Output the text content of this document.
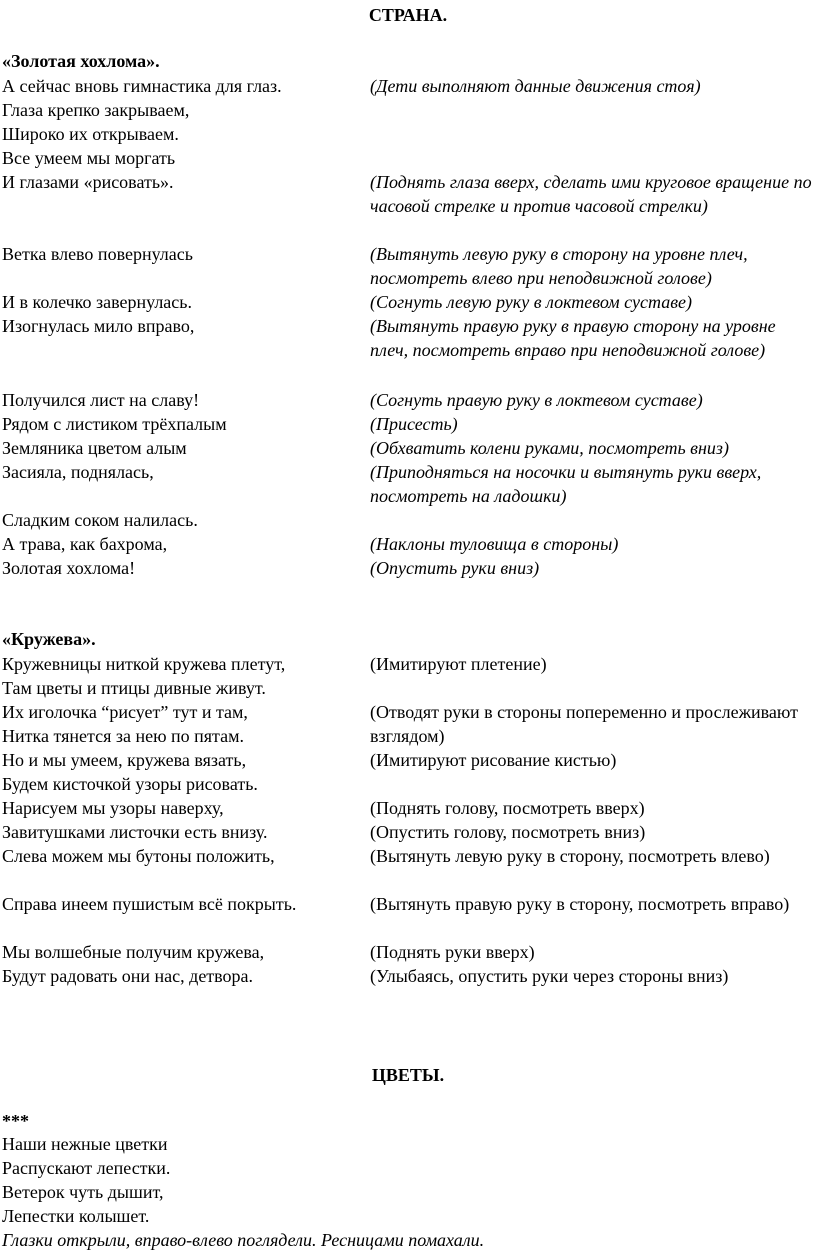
СТРАНА.

«Золотая хохлома».

А сейчас вновь гимнастика для глаз.	(Дети выполняют данные движения стоя)
Глаза крепко закрываем,
Широко их открываем.
Все умеем мы моргать
И глазами «рисовать».	(Поднять глаза вверх, сделать ими круговое вращение по часовой стрелке и против часовой стрелки)
Ветка влево повернулась	(Вытянуть левую руку в сторону на уровне плеч, посмотреть влево при неподвижной голове)
И в колечко завернулась.	(Согнуть левую руку в локтевом суставе)
Изогнулась мило вправо,	(Вытянуть правую руку в правую сторону на уровне плеч, посмотреть вправо при неподвижной голове)
Получился лист на славу!	(Согнуть правую руку в локтевом суставе)
Рядом с листиком трёхпалым	(Присесть)
Земляника цветом алым	(Обхватить колени руками, посмотреть вниз)
Засияла, поднялась,	(Приподняться на носочки и вытянуть руки вверх, посмотреть на ладошки)
Сладким соком налилась.
А трава, как бахрома,	(Наклоны туловища в стороны)
Золотая хохлома!	(Опустить руки вниз)

«Кружева».

Кружевницы ниткой кружева плетут,	(Имитируют плетение)
Там цветы и птицы дивные живут.
Их иголочка “рисует” тут и там,	(Отводят руки в стороны попеременно и прослеживают взглядом)
Нитка тянется за нею по пятам.
Но и мы умеем, кружева вязать,	(Имитируют рисование кистью)
Будем кисточкой узоры рисовать.
Нарисуем мы узоры наверху,	(Поднять голову, посмотреть вверх)
Завитушками листочки есть внизу.	(Опустить голову, посмотреть вниз)
Слева можем мы бутоны положить,	(Вытянуть левую руку в сторону, посмотреть влево)
Справа инеем пушистым всё покрыть.	(Вытянуть правую руку в сторону, посмотреть вправо)
Мы волшебные получим кружева,	(Поднять руки вверх)
Будут радовать они нас, детвора.	(Улыбаясь, опустить руки через стороны вниз)

ЦВЕТЫ.

***

Наши нежные цветки

Распускают лепестки.

Ветерок чуть дышит,

Лепестки колышет.

Глазки открыли, вправо-влево поглядели. Ресницами помахали.
